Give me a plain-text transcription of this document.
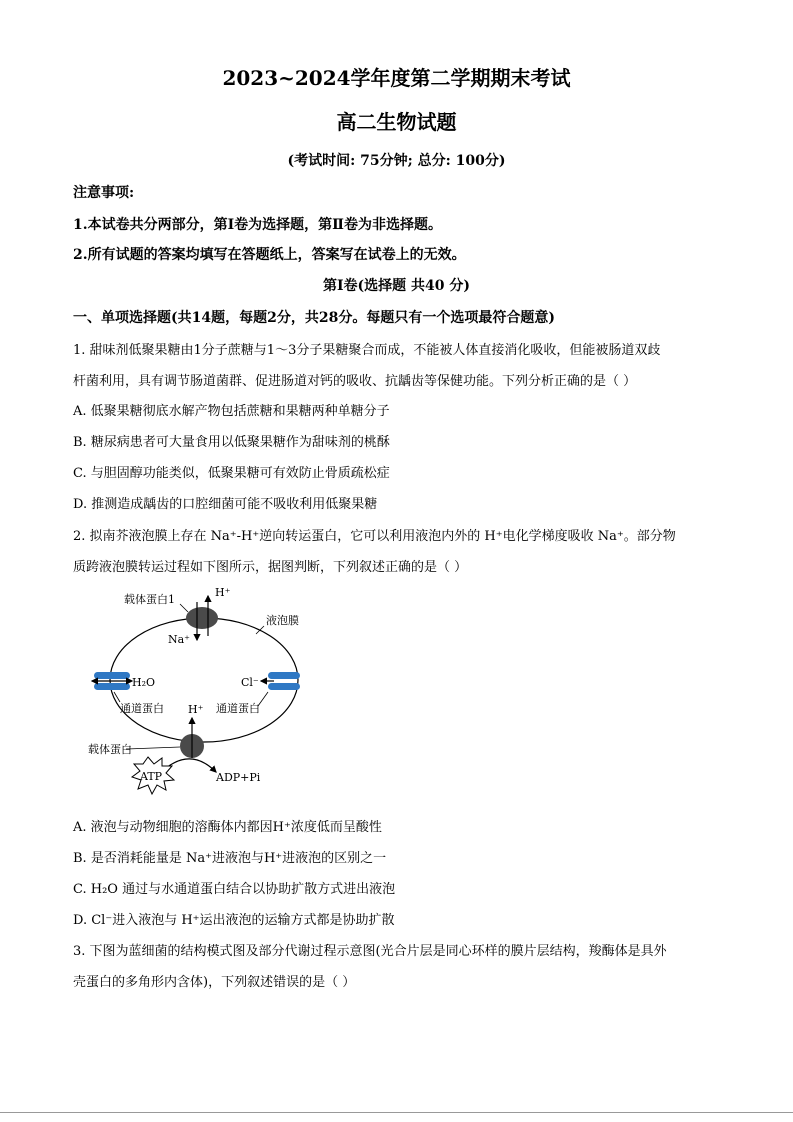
2023~2024学年度第二学期期末考试
高二生物试题
(考试时间: 75分钟; 总分: 100分)
注意事项:
1.本试卷共分两部分，第Ⅰ卷为选择题，第Ⅱ卷为非选择题。
2.所有试题的答案均填写在答题纸上，答案写在试卷上的无效。
第Ⅰ卷(选择题 共40 分)
一、单项选择题(共14题，每题2分，共28分。每题只有一个选项最符合题意)
1. 甜味剂低聚果糖由1分子蔗糖与1～3分子果糖聚合而成，不能被人体直接消化吸收，但能被肠道双歧
杆菌利用，具有调节肠道菌群、促进肠道对钙的吸收、抗龋齿等保健功能。下列分析正确的是（ ）
A. 低聚果糖彻底水解产物包括蔗糖和果糖两种单糖分子
B. 糖尿病患者可大量食用以低聚果糖作为甜味剂的桃酥
C. 与胆固醇功能类似，低聚果糖可有效防止骨质疏松症
D. 推测造成龋齿的口腔细菌可能不吸收利用低聚果糖
2. 拟南芥液泡膜上存在 Na⁺-H⁺逆向转运蛋白，它可以利用液泡内外的 H⁺电化学梯度吸收 Na⁺。部分物
质跨液泡膜转运过程如下图所示，据图判断，下列叙述正确的是（ ）
载体蛋白1
H⁺
Na⁺
液泡膜
H₂O	Cl⁻
通道蛋白	通道蛋白
H⁺
载体蛋白
ATP	ADP+Pi
A. 液泡与动物细胞的溶酶体内都因H⁺浓度低而呈酸性
B. 是否消耗能量是 Na⁺进液泡与H⁺进液泡的区别之一
C. H₂O 通过与水通道蛋白结合以协助扩散方式进出液泡
D. Cl⁻进入液泡与 H⁺运出液泡的运输方式都是协助扩散
3. 下图为蓝细菌的结构模式图及部分代谢过程示意图(光合片层是同心环样的膜片层结构，羧酶体是具外
壳蛋白的多角形内含体)，下列叙述错误的是（ ）
